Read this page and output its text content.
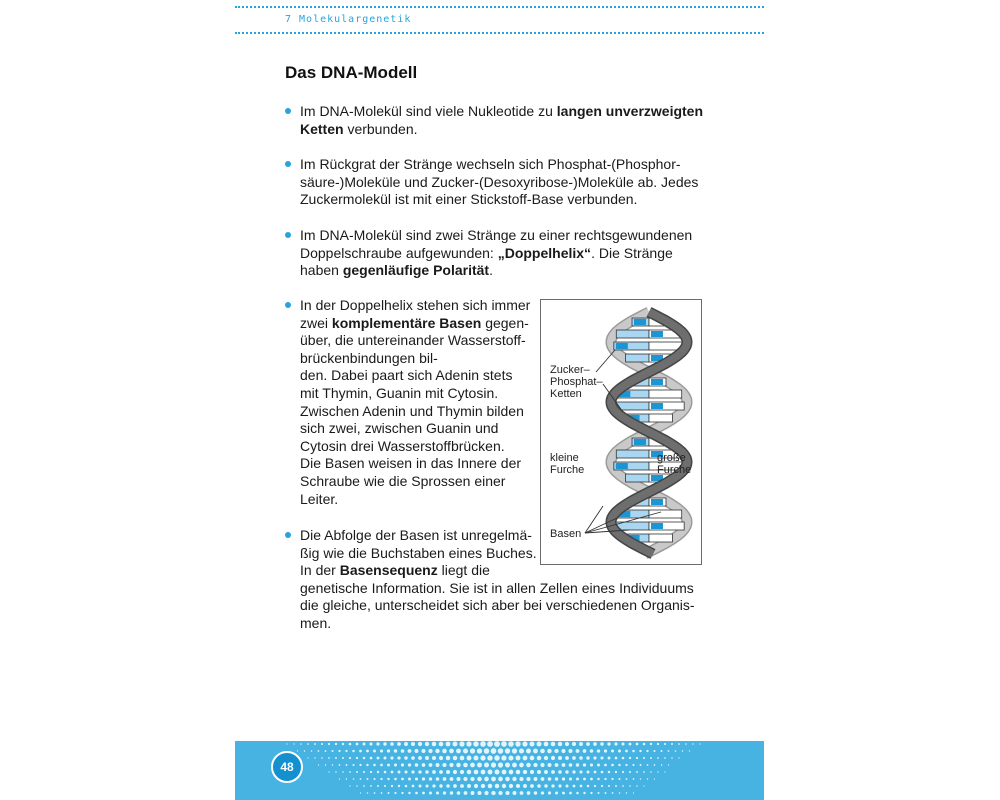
7 Molekulargenetik
Das DNA-Modell
Im DNA-Molekül sind viele Nukleotide zu langen unverzweigten
Ketten verbunden.
Im Rückgrat der Stränge wechseln sich Phosphat-(Phosphor-
säure-)Moleküle und Zucker-(Desoxyribose-)Moleküle ab. Jedes
Zuckermolekül ist mit einer Stickstoff-Base verbunden.
Im DNA-Molekül sind zwei Stränge zu einer rechtsgewundenen
Doppelschraube aufgewunden: „Doppelhelix“. Die Stränge
haben gegenläufige Polarität.
In der Doppelhelix stehen sich immer
zwei komplementäre Basen gegen-
über, die untereinander Wasserstoff-
brückenbindungen bil-
den. Dabei paart sich Adenin stets
mit Thymin, Guanin mit Cytosin.
Zwischen Adenin und Thymin bilden
sich zwei, zwischen Guanin und
Cytosin drei Wasserstoffbrücken.
Die Basen weisen in das Innere der
Schraube wie die Sprossen einer
Leiter.
Die Abfolge der Basen ist unregelmä-
ßig wie die Buchstaben eines Buches.
In der Basensequenz liegt die
genetische Information. Sie ist in allen Zellen eines Individuums
die gleiche, unterscheidet sich aber bei verschiedenen Organis-
men.
Zucker–
Phosphat–
Ketten
kleine
Furche
große
Furche
Basen
48
